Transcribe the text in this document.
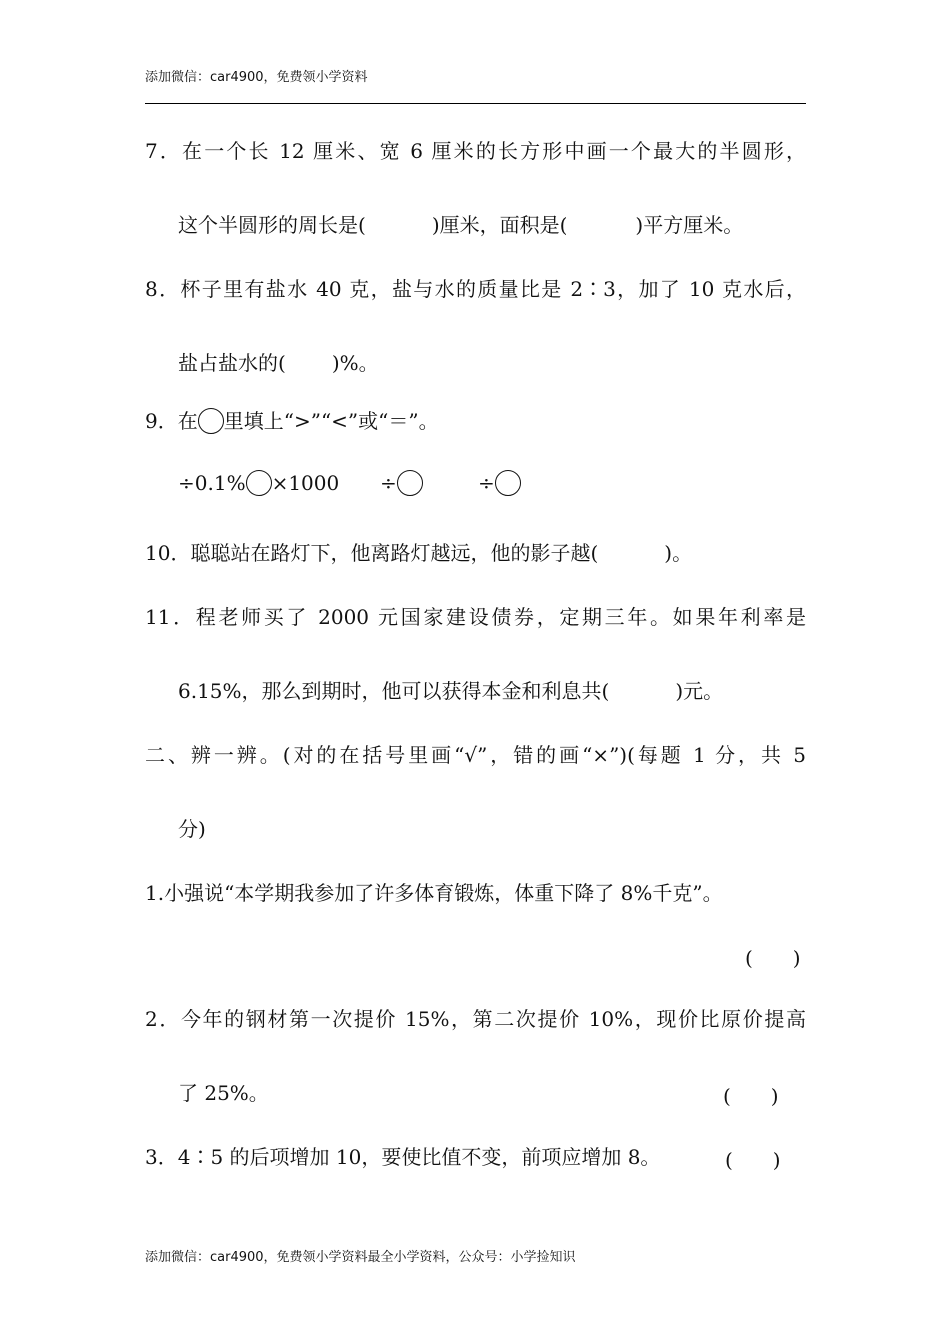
添加微信：car4900，免费领小学资料
7．在一个长 12 厘米、宽 6 厘米的长方形中画一个最大的半圆形，
这个半圆形的周长是(	)厘米，面积是(	)平方厘米。
8．杯子里有盐水 40 克，盐与水的质量比是 2∶3，加了 10 克水后，
盐占盐水的( )%。
9．在 里填上“>”“<”或“＝”。
÷0.1% ×1000 ÷	÷
10．聪聪站在路灯下，他离路灯越远，他的影子越(	)。
11．程老师买了 2000 元国家建设债券，定期三年。如果年利率是
6.15%，那么到期时，他可以获得本金和利息共(	)元。
二、辨一辨。(对的在括号里画“√”，错的画“×”)(每题 1 分，共 5
分)
1.小强说“本学期我参加了许多体育锻炼，体重下降了 8%千克”。
(　　)
2．今年的钢材第一次提价 15%，第二次提价 10%，现价比原价提高
了 25%。	(　　)
3．4∶5 的后项增加 10，要使比值不变，前项应增加 8。	(　　)
添加微信：car4900，免费领小学资料最全小学资料，公众号：小学捡知识
